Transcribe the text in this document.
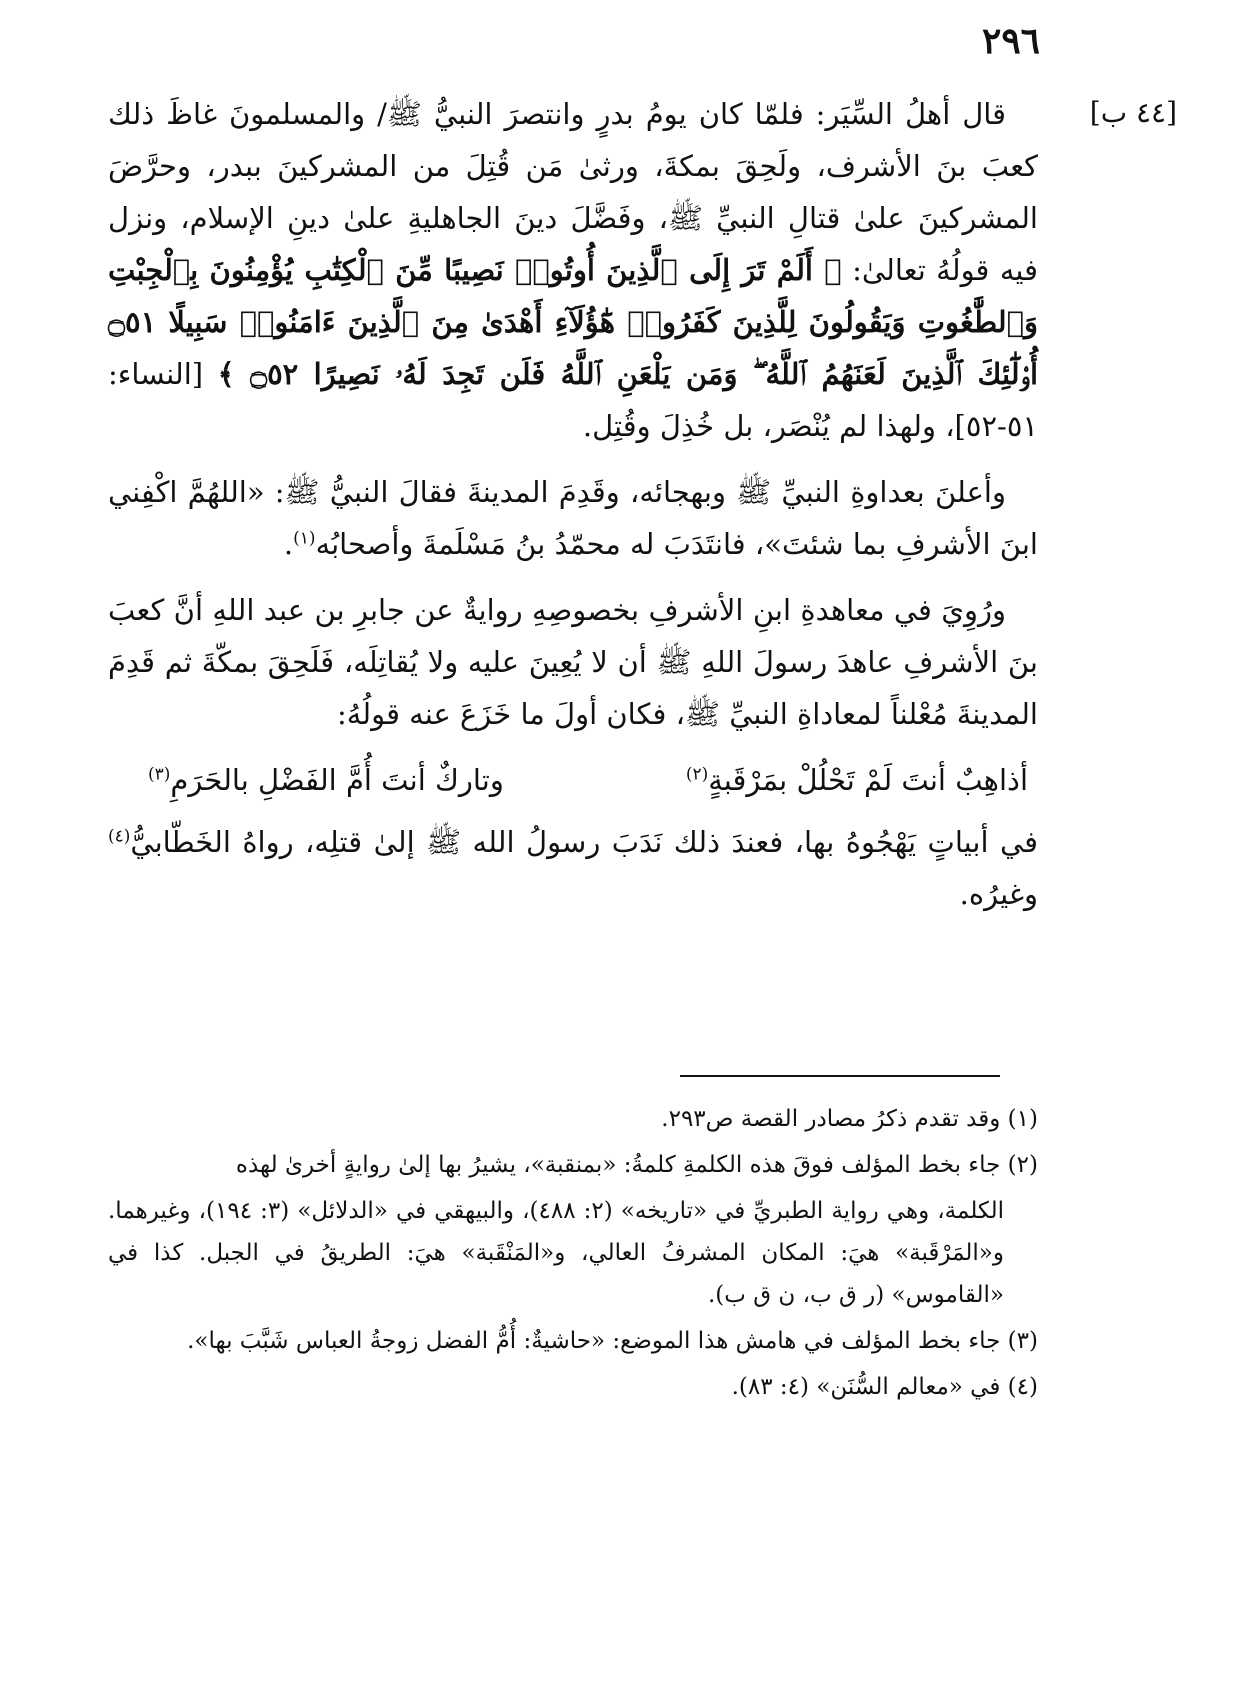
٢٩٦
[٤٤ ب]

قال أهلُ السِّيَر: فلمّا كان يومُ بدرٍ وانتصرَ النبيُّ ﷺ/ والمسلمونَ غاظَ ذلك كعبَ بنَ الأشرف، ولَحِقَ بمكةَ، ورثىٰ مَن قُتِلَ من المشركينَ ببدر، وحرَّضَ المشركينَ علىٰ قتالِ النبيِّ ﷺ، وفَضَّلَ دينَ الجاهليةِ علىٰ دينِ الإسلام، ونزل فيه قولُهُ تعالىٰ: ﴿ أَلَمْ تَرَ إِلَى ٱلَّذِينَ أُوتُوا۟ نَصِيبًا مِّنَ ٱلْكِتَٰبِ يُؤْمِنُونَ بِٱلْجِبْتِ وَٱلطَّٰغُوتِ وَيَقُولُونَ لِلَّذِينَ كَفَرُوا۟ هَٰٓؤُلَآءِ أَهْدَىٰ مِنَ ٱلَّذِينَ ءَامَنُوا۟ سَبِيلًا ۝٥١ أُو۟لَٰٓئِكَ ٱلَّذِينَ لَعَنَهُمُ ٱللَّهُ ۖ وَمَن يَلْعَنِ ٱللَّهُ فَلَن تَجِدَ لَهُۥ نَصِيرًا ۝٥٢ ﴾ [النساء: ٥١-٥٢]، ولهذا لم يُنْصَر، بل خُذِلَ وقُتِل.

وأعلنَ بعداوةِ النبيِّ ﷺ وبهجائه، وقَدِمَ المدينةَ فقالَ النبيُّ ﷺ: «اللهُمَّ اكْفِني ابنَ الأشرفِ بما شئتَ»، فانتَدَبَ له محمّدُ بنُ مَسْلَمةَ وأصحابُه$^{(١)}$.

ورُوِيَ في معاهدةِ ابنِ الأشرفِ بخصوصِهِ روايةٌ عن جابرِ بن عبد اللهِ أنَّ كعبَ بنَ الأشرفِ عاهدَ رسولَ اللهِ ﷺ أن لا يُعِينَ عليه ولا يُقاتِلَه، فَلَحِقَ بمكّةَ ثم قَدِمَ المدينةَ مُعْلناً لمعاداةِ النبيِّ ﷺ، فكان أولَ ما خَزَعَ عنه قولُهُ:

أذاهِبٌ أنتَ لَمْ تَحْلُلْ بمَرْقَبةٍ$^{(٢)}$
وتاركٌ أنتَ أُمَّ الفَضْلِ بالحَرَمِ$^{(٣)}$

في أبياتٍ يَهْجُوهُ بها، فعندَ ذلك نَدَبَ رسولُ الله ﷺ إلىٰ قتلِه، رواهُ الخَطّابيُّ$^{(٤)}$ وغيرُه.

(١) وقد تقدم ذكرُ مصادر القصة ص٢٩٣.

(٢) جاء بخط المؤلف فوقَ هذه الكلمةِ كلمةُ: «بمنقبة»، يشيرُ بها إلىٰ روايةٍ أخرىٰ لهذه

الكلمة، وهي رواية الطبريِّ في «تاريخه» (٢: ٤٨٨)، والبيهقي في «الدلائل» (٣: ١٩٤)، وغيرهما. و«المَرْقَبة» هيَ: المكان المشرفُ العالي، و«المَنْقَبة» هيَ: الطريقُ في الجبل. كذا في «القاموس» (ر ق ب، ن ق ب).

(٣) جاء بخط المؤلف في هامش هذا الموضع: «حاشيةٌ: أُمُّ الفضل زوجةُ العباس شَبَّبَ بها».

(٤) في «معالم السُّنَن» (٤: ٨٣).
